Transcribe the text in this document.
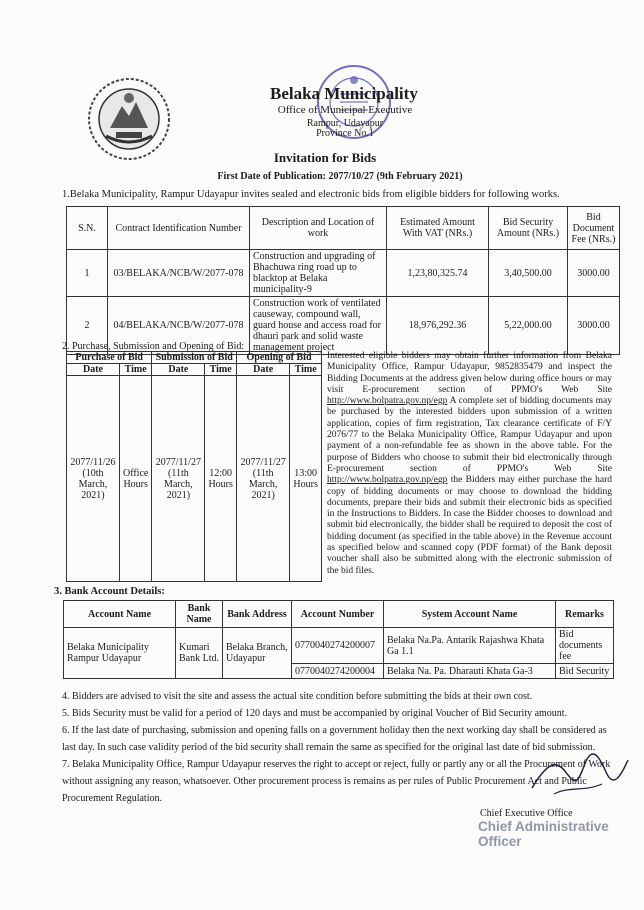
Belaka Municipality
Office of Municipal Executive
Rampur, Udayapur
Province No.1
Invitation for Bids
First Date of Publication: 2077/10/27 (9th February 2021)
1.Belaka Municipality, Rampur Udayapur invites sealed and electronic bids from eligible bidders for following works.
S.N.	Contract Identification Number	Description and Location of work	Estimated Amount With VAT (NRs.)	Bid Security Amount (NRs.)	Bid Document Fee (NRs.)
1	03/BELAKA/NCB/W/2077-078	Construction and upgrading of Bhachuwa ring road up to blacktop at Belaka municipality-9	1,23,80,325.74	3,40,500.00	3000.00
2	04/BELAKA/NCB/W/2077-078	Construction work of ventilated causeway, compound wall, guard house and access road for dhauri park and solid waste management project	18,976,292.36	5,22,000.00	3000.00
2. Purchase, Submission and Opening of Bid:
Purchase of Bid		Submission of Bid		Opening of Bid	
Date	Time	Date	Time	Date	Time
2077/11/26 (10th March, 2021)	Office Hours	2077/11/27 (11th March, 2021)	12:00 Hours	2077/11/27 (11th March, 2021)	13:00 Hours
Interested eligible bidders may obtain further information from Belaka Municipality Office, Rampur Udayapur, 9852835479 and inspect the Bidding Documents at the address given below during office hours or may visit E-procurement section of PPMO's Web Site http://www.bolpatra.gov.np/egp A complete set of bidding documents may be purchased by the interested bidders upon submission of a written application, copies of firm registration, Tax clearance certificate of F/Y 2076/77 to the Belaka Municipality Office, Rampur Udayapur and upon payment of a non-refundable fee as shown in the above table. For the purpose of Bidders who choose to submit their bid electronically through E-procurement section of PPMO's Web Site http://www.bolpatra.gov.np/egp the Bidders may either purchase the hard copy of bidding documents or may choose to download the bidding documents, prepare their bids and submit their electronic bids as specified in the Instructions to Bidders. In case the Bidder chooses to download and submit bid electronically, the bidder shall be required to deposit the cost of bidding document (as specified in the table above) in the Revenue account as specified below and scanned copy (PDF format) of the Bank deposit voucher shall also be submitted along with the electronic submission of the bid files.
3. Bank Account Details:
Account Name	Bank Name	Bank Address	Account Number	System Account Name	Remarks
Belaka Municipality Rampur Udayapur	Kumari Bank Ltd.	Belaka Branch, Udayapur	0770040274200007	Belaka Na.Pa. Antarik Rajashwa Khata Ga 1.1	Bid documents fee
			0770040274200004	Belaka Na. Pa. Dharauti Khata Ga-3	Bid Security
4. Bidders are advised to visit the site and assess the actual site condition before submitting the bids at their own cost.
5. Bids Security must be valid for a period of 120 days and must be accompanied by original Voucher of Bid Security amount.
6. If the last date of purchasing, submission and opening falls on a government holiday then the next working day shall be considered as last day. In such case validity period of the bid security shall remain the same as specified for the original last date of bid submission.
7. Belaka Municipality Office, Rampur Udayapur reserves the right to accept or reject, fully or partly any or all the Procurement of Work without assigning any reason, whatsoever. Other procurement process is remains as per rules of Public Procurement Act and Public Procurement Regulation.
Chief Executive Office
Chief Administrative Officer
